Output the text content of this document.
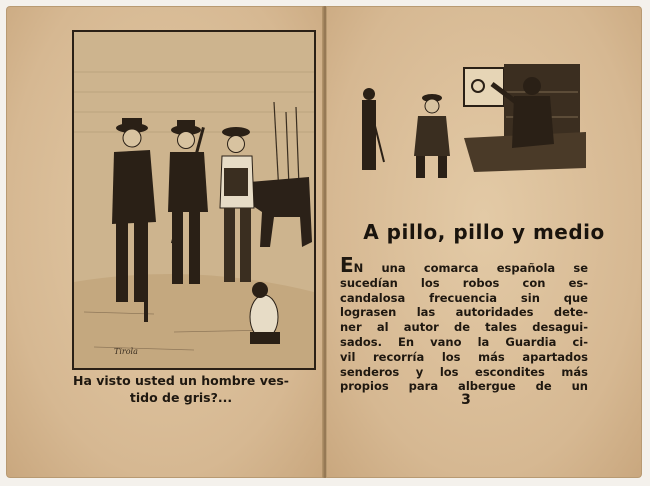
Tirola
Ha visto usted un hombre ves-
tido de gris?...
A pillo, pillo y medio
EN una comarca española se
sucedían los robos con es-
candalosa frecuencia sin que
lograsen las autoridades dete-
ner al autor de tales desagui-
sados. En vano la Guardia ci-
vil recorría los más apartados
senderos y los escondites más
propios para albergue de un
3
